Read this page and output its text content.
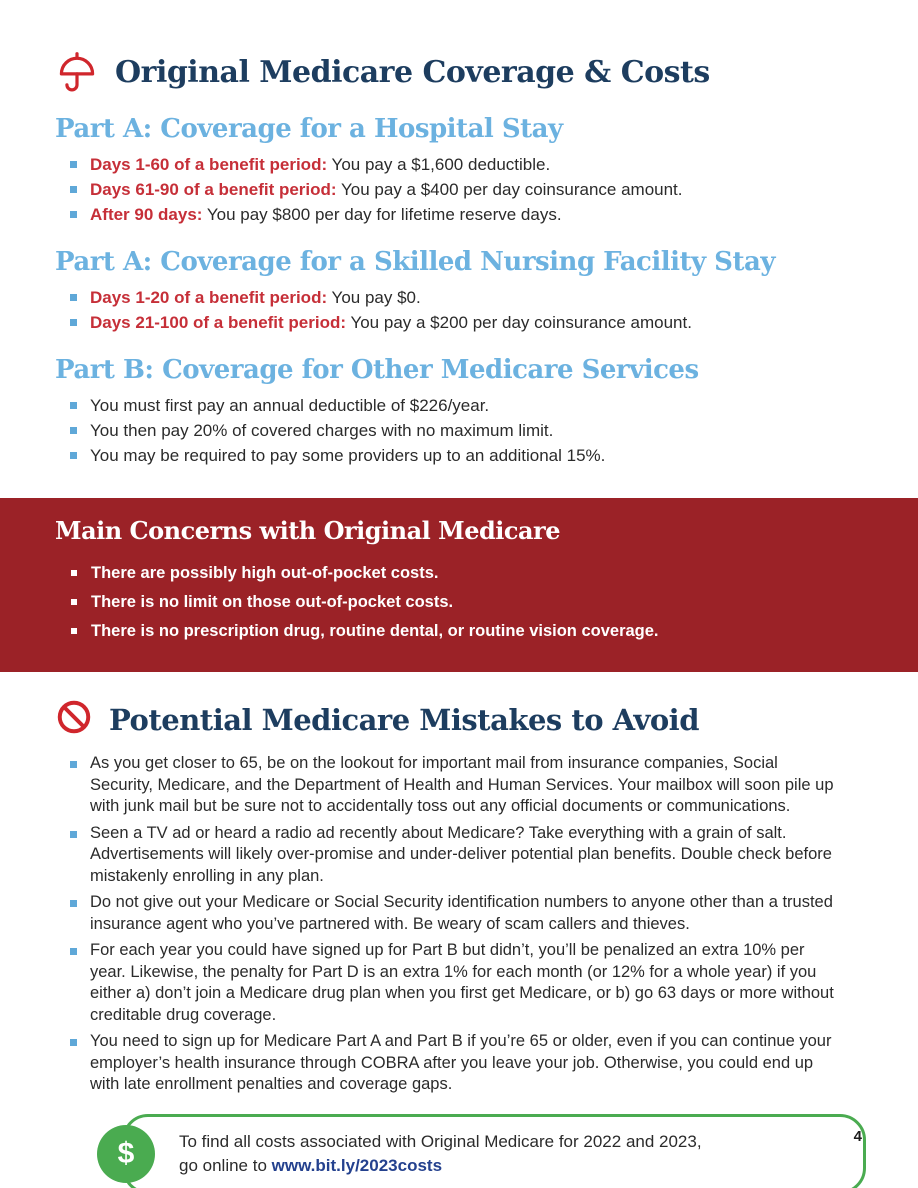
Original Medicare Coverage & Costs
Part A: Coverage for a Hospital Stay
Days 1-60 of a benefit period: You pay a $1,600 deductible.
Days 61-90 of a benefit period: You pay a $400 per day coinsurance amount.
After 90 days: You pay $800 per day for lifetime reserve days.
Part A: Coverage for a Skilled Nursing Facility Stay
Days 1-20 of a benefit period: You pay $0.
Days 21-100 of a benefit period: You pay a $200 per day coinsurance amount.
Part B: Coverage for Other Medicare Services
You must first pay an annual deductible of $226/year.
You then pay 20% of covered charges with no maximum limit.
You may be required to pay some providers up to an additional 15%.
Main Concerns with Original Medicare
There are possibly high out-of-pocket costs.
There is no limit on those out-of-pocket costs.
There is no prescription drug, routine dental, or routine vision coverage.
Potential Medicare Mistakes to Avoid
As you get closer to 65, be on the lookout for important mail from insurance companies, Social Security, Medicare, and the Department of Health and Human Services. Your mailbox will soon pile up with junk mail but be sure not to accidentally toss out any official documents or communications.
Seen a TV ad or heard a radio ad recently about Medicare? Take everything with a grain of salt. Advertisements will likely over-promise and under-deliver potential plan benefits. Double check before mistakenly enrolling in any plan.
Do not give out your Medicare or Social Security identification numbers to anyone other than a trusted insurance agent who you’ve partnered with. Be weary of scam callers and thieves.
For each year you could have signed up for Part B but didn’t, you’ll be penalized an extra 10% per year. Likewise, the penalty for Part D is an extra 1% for each month (or 12% for a whole year) if you either a) don’t join a Medicare drug plan when you first get Medicare, or b) go 63 days or more without creditable drug coverage.
You need to sign up for Medicare Part A and Part B if you’re 65 or older, even if you can continue your employer’s health insurance through COBRA after you leave your job. Otherwise, you could end up with late enrollment penalties and coverage gaps.
$	To find all costs associated with Original Medicare for 2022 and 2023,
go online to www.bit.ly/2023costs
4
